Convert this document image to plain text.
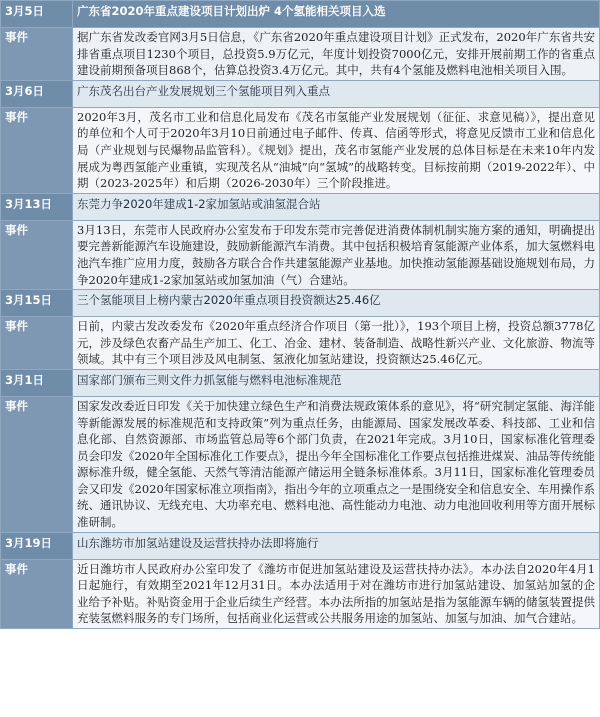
3月5日	广东省2020年重点建设项目计划出炉 4个氢能相关项目入选
事件	据广东省发改委官网3月5日信息，《广东省2020年重点建设项目计划》正式发布，2020年广东省共安排省重点项目1230个项目，总投资5.9万亿元，年度计划投资7000亿元，安排开展前期工作的省重点建设前期预备项目868个，估算总投资3.4万亿元。其中，共有4个氢能及燃料电池相关项目入围。
3月6日	广东茂名出台产业发展规划三个氢能项目列入重点
事件	2020年3月，茂名市工业和信息化局发布《茂名市氢能产业发展规划（征征、求意见稿）》，提出意见的单位和个人可于2020年3月10日前通过电子邮件、传真、信函等形式，将意见反馈市工业和信息化局（产业规划与民爆物品监管科）。《规划》提出，茂名市氢能产业发展的总体目标是在未来10年内发展成为粤西氢能产业重镇，实现茂名从“油城”向“氢城”的战略转变。目标按前期（2019-2022年）、中期（2023-2025年）和后期（2026-2030年）三个阶段推进。
3月13日	东莞力争2020年建成1-2家加氢站或油氢混合站
事件	3月13日，东莞市人民政府办公室发布于印发东莞市完善促进消费体制机制实施方案的通知，明确提出要完善新能源汽车设施建设，鼓励新能源汽车消费。其中包括积极培育氢能源产业体系，加大氢燃料电池汽车推广应用力度，鼓励各方联合合作共建氢能源产业基地。加快推动氢能源基础设施规划布局，力争2020年建成1-2家加氢站或加氢加油（气）合建站。
3月15日	三个氢能项目上榜内蒙古2020年重点项目投资额达25.46亿
事件	日前，内蒙古发改委发布《2020年重点经济合作项目（第一批）》，193个项目上榜，投资总额3778亿元，涉及绿色农畜产品生产加工、化工、冶金、建材、装备制造、战略性新兴产业、文化旅游、物流等领域。其中有三个项目涉及风电制氢、氢液化加氢站建设，投资额达25.46亿元。
3月1日	国家部门颁布三则文件力抓氢能与燃料电池标准规范
事件	国家发改委近日印发《关于加快建立绿色生产和消费法规政策体系的意见》，将“研究制定氢能、海洋能等新能源发展的标准规范和支持政策”列为重点任务，由能源局、国家发展改革委、科技部、工业和信息化部、自然资源部、市场监管总局等6个部门负责，在2021年完成。3月10日，国家标准化管理委员会印发《2020年全国标准化工作要点》，提出今年全国标准化工作要点包括推进煤炭、油品等传统能源标准升级，健全氢能、天然气等清洁能源产储运用全链条标准体系。3月11日，国家标准化管理委员会又印发《2020年国家标准立项指南》，指出今年的立项重点之一是围绕安全和信息安全、车用操作系统、通讯协议、无线充电、大功率充电、燃料电池、高性能动力电池、动力电池回收利用等方面开展标准研制。
3月19日	山东潍坊市加氢站建设及运营扶持办法即将施行
事件	近日潍坊市人民政府办公室印发了《潍坊市促进加氢站建设及运营扶持办法》。本办法自2020年4月1日起施行，有效期至2021年12月31日。本办法适用于对在潍坊市进行加氢站建设、加氢站加氢的企业给予补贴。补贴资金用于企业后续生产经营。本办法所指的加氢站是指为氢能源车辆的储氢装置提供充装氢燃料服务的专门场所，包括商业化运营或公共服务用途的加氢站、加氢与加油、加气合建站。
